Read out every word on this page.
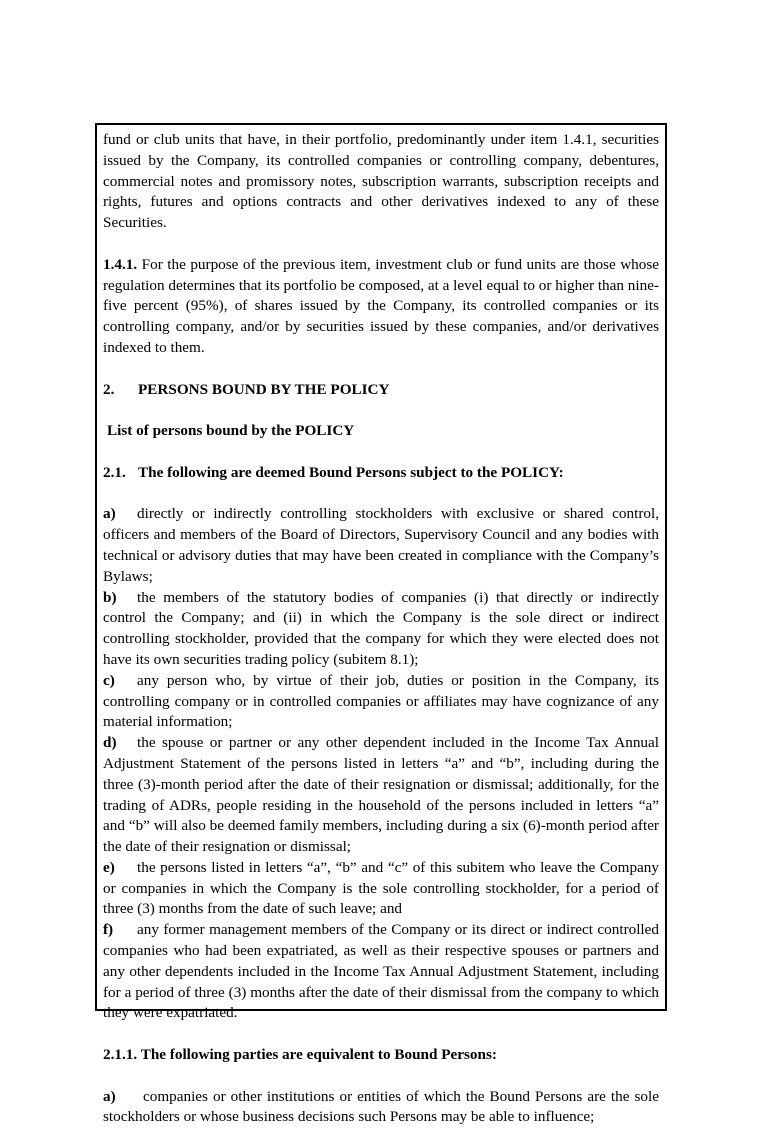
fund or club units that have, in their portfolio, predominantly under item 1.4.1, securities issued by the Company, its controlled companies or controlling company, debentures, commercial notes and promissory notes, subscription warrants, subscription receipts and rights, futures and options contracts and other derivatives indexed to any of these Securities.

1.4.1. For the purpose of the previous item, investment club or fund units are those whose regulation determines that its portfolio be composed, at a level equal to or higher than nine-five percent (95%), of shares issued by the Company, its controlled companies or its controlling company, and/or by securities issued by these companies, and/or derivatives indexed to them.

2. PERSONS BOUND BY THE POLICY

List of persons bound by the POLICY

2.1. The following are deemed Bound Persons subject to the POLICY:

a) directly or indirectly controlling stockholders with exclusive or shared control, officers and members of the Board of Directors, Supervisory Council and any bodies with technical or advisory duties that may have been created in compliance with the Company’s Bylaws;

b) the members of the statutory bodies of companies (i) that directly or indirectly control the Company; and (ii) in which the Company is the sole direct or indirect controlling stockholder, provided that the company for which they were elected does not have its own securities trading policy (subitem 8.1);

c) any person who, by virtue of their job, duties or position in the Company, its controlling company or in controlled companies or affiliates may have cognizance of any material information;

d) the spouse or partner or any other dependent included in the Income Tax Annual Adjustment Statement of the persons listed in letters “a” and “b”, including during the three (3)-month period after the date of their resignation or dismissal; additionally, for the trading of ADRs, people residing in the household of the persons included in letters “a” and “b” will also be deemed family members, including during a six (6)-month period after the date of their resignation or dismissal;

e) the persons listed in letters “a”, “b” and “c” of this subitem who leave the Company or companies in which the Company is the sole controlling stockholder, for a period of three (3) months from the date of such leave; and

f) any former management members of the Company or its direct or indirect controlled companies who had been expatriated, as well as their respective spouses or partners and any other dependents included in the Income Tax Annual Adjustment Statement, including for a period of three (3) months after the date of their dismissal from the company to which they were expatriated.

2.1.1. The following parties are equivalent to Bound Persons:

a) companies or other institutions or entities of which the Bound Persons are the sole stockholders or whose business decisions such Persons may be able to influence;
